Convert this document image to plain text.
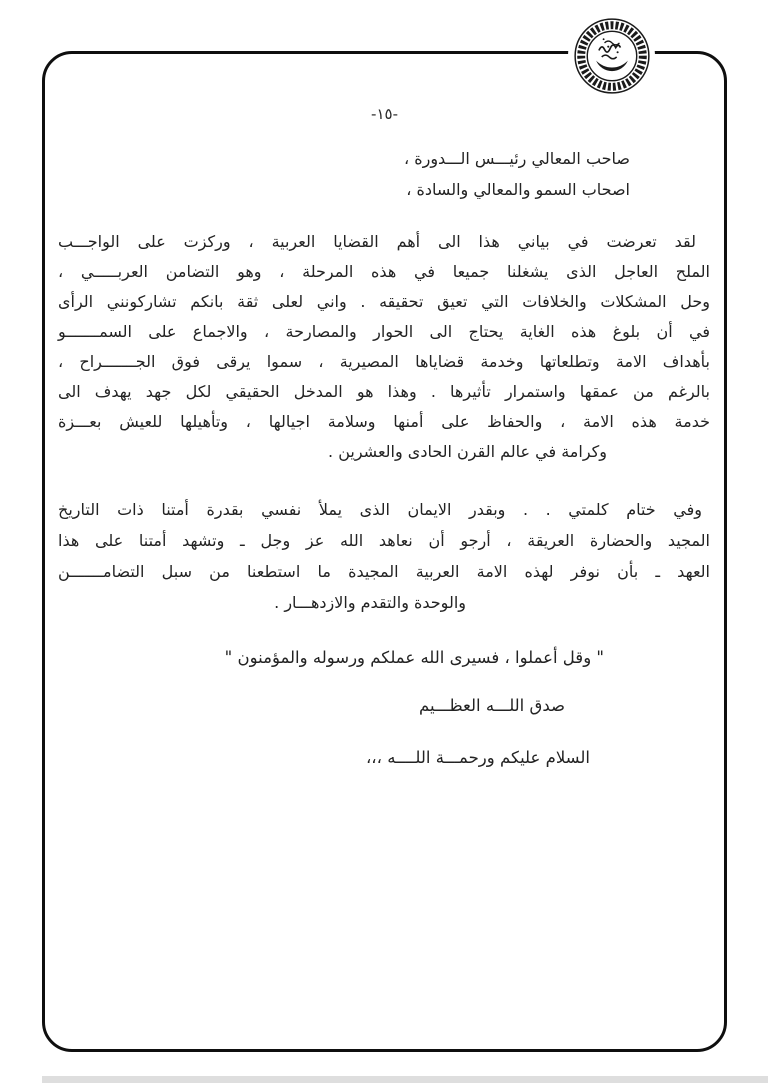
-١٥-
صاحب المعالي رئيـــس الـــدورة ،
اصحاب السمو والمعالي والسادة ،
لقد تعرضت في بياني هذا الى أهم القضايا العربية ، وركزت على الواجـــب
الملح العاجل الذى يشغلنا جميعا في هذه المرحلة ، وهو التضامن العربـــــي ،
وحل المشكلات والخلافات التي تعيق تحقيقه . واني لعلى ثقة بانكم تشاركونني الرأى
في أن بلوغ هذه الغاية يحتاج الى الحوار والمصارحة ، والاجماع على السمـــــــو
بأهداف الامة وتطلعاتها وخدمة قضاياها المصيرية ، سموا يرقى فوق الجـــــــراح ،
بالرغم من عمقها واستمرار تأثيرها . وهذا هو المدخل الحقيقي لكل جهد يهدف الى
خدمة هذه الامة ، والحفاظ على أمنها وسلامة اجيالها ، وتأهيلها للعيش بعـــزة
وكرامة في عالم القرن الحادى والعشرين .
وفي ختام كلمتي . . وبقدر الايمان الذى يملأ نفسي بقدرة أمتنا ذات التاريخ
المجيد والحضارة العريقة ، أرجو أن نعاهد الله عز وجل ـ وتشهد أمتنا على هذا
العهد ـ بأن نوفر لهذه الامة العربية المجيدة ما استطعنا من سبل التضامـــــــن
والوحدة والتقدم والازدهـــار .
" وقل أعملوا ، فسيرى الله عملكم ورسوله والمؤمنون "
صدق اللـــه العظـــيم
السلام عليكم ورحمـــة اللــــه ،،،
